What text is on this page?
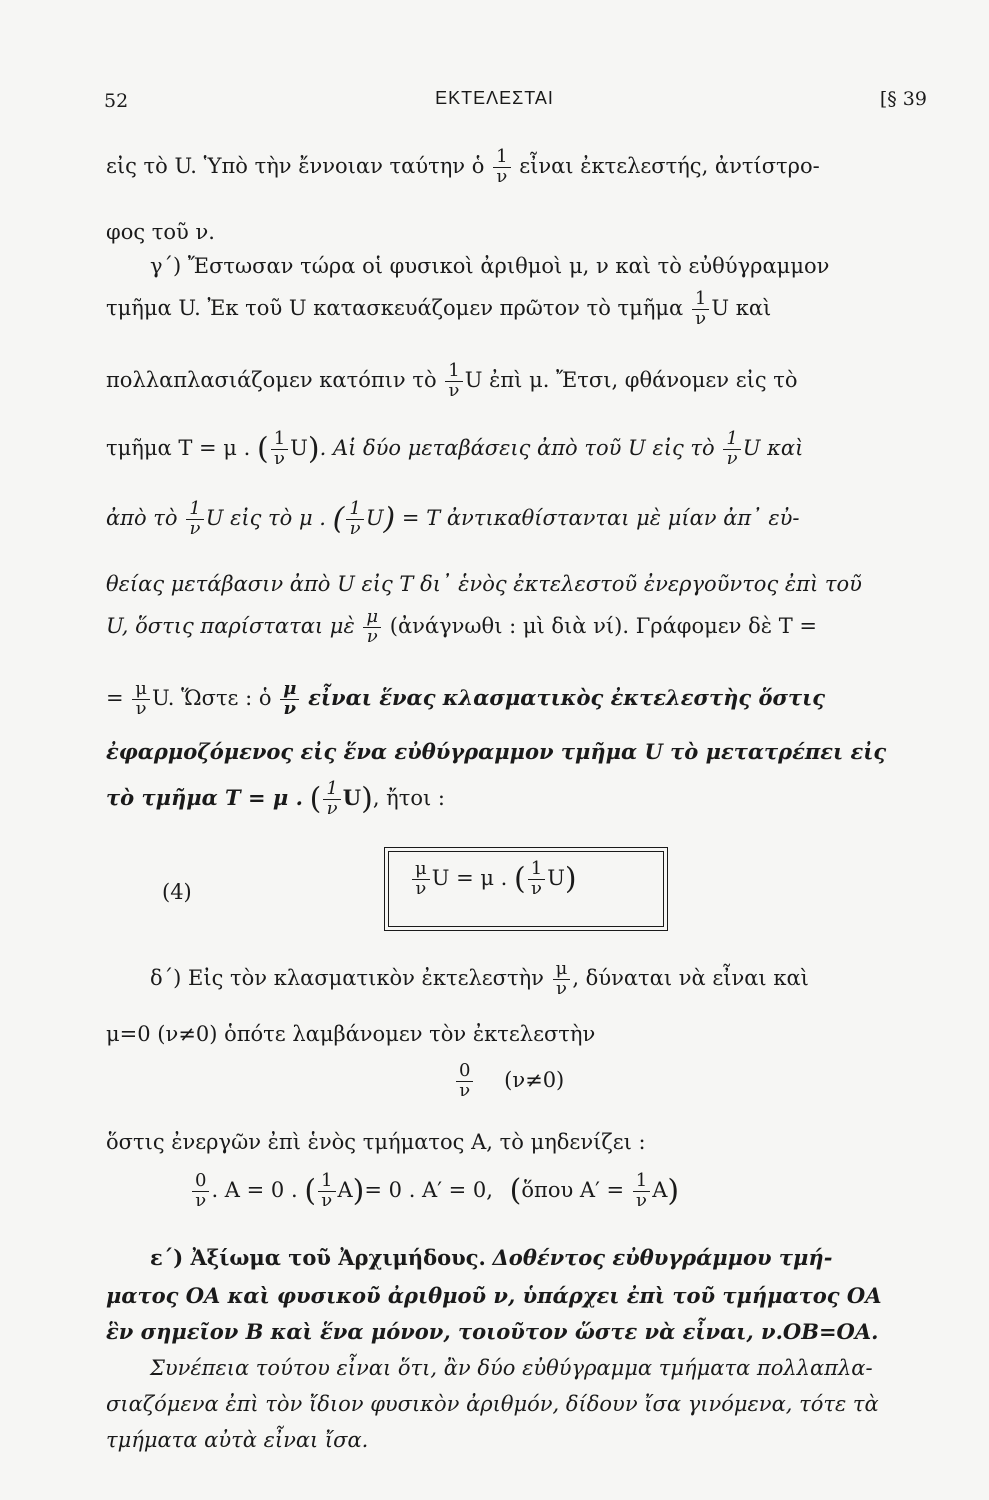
52	ΕΚΤΕΛΕΣΤΑΙ	[§ 39
εἰς τὸ U. Ὑπὸ τὴν ἔννοιαν ταύτην ὁ $\frac{1}{\nu}$ εἶναι ἐκτελεστής, ἀντίστρο-
φος τοῦ ν.
γ΄) Ἔστωσαν τώρα οἱ φυσικοὶ ἀριθμοὶ μ, ν καὶ τὸ εὐθύγραμμον
τμῆμα U. Ἐκ τοῦ U κατασκευάζομεν πρῶτον τὸ τμῆμα $\frac{1}{\nu}$ U καὶ
πολλαπλασιάζομεν κατόπιν τὸ $\frac{1}{\nu}$ U ἐπὶ μ. Ἔτσι, φθάνομεν εἰς τὸ
τμῆμα T = μ . ( $\frac{1}{\nu} U$). Αἱ δύο μεταβάσεις ἀπὸ τοῦ U εἰς τὸ $\frac{1}{\nu}$ U καὶ
ἀπὸ τὸ $\frac{1}{\nu}$ U εἰς τὸ μ . ( $\frac{1}{\nu} U) = T$ ἀντικαθίστανται μὲ μίαν ἀπ᾽ εὐ-
θείας μετάβασιν ἀπὸ U εἰς T δι᾽ ἑνὸς ἐκτελεστοῦ ἐνεργοῦντος ἐπὶ τοῦ
U, ὅστις παρίσταται μὲ $\frac{\mu}{\nu}$ (ἀνάγνωθι : μὶ διὰ νί). Γράφομεν δὲ T =
= $\frac{\mu}{\nu} U$. Ὥστε : ὁ $\frac{\mu}{\nu}$ εἶναι ἕνας κλασματικὸς ἐκτελεστὴς ὅστις
ἐφαρμοζόμενος εἰς ἕνα εὐθύγραμμον τμῆμα U τὸ μετατρέπει εἰς
τὸ τμῆμα T = μ . ( $\frac{1}{\nu} U$), ἤτοι :
(4)	$\frac{\mu}{\nu}$ U = μ . ( $\frac{1}{\nu} U$)
δ΄) Εἰς τὸν κλασματικὸν ἐκτελεστὴν $\frac{\mu}{\nu}$ , δύναται νὰ εἶναι καὶ
μ=0 (ν≠0) ὁπότε λαμβάνομεν τὸν ἐκτελεστὴν
$\frac{0}{\nu} (\nu\ne 0)$
ὅστις ἐνεργῶν ἐπὶ ἑνὸς τμήματος Α, τὸ μηδενίζει :
$\frac{0}{\nu}$ . A = 0 . ( $\frac{1}{\nu} A)= 0$ . A′ = 0, (ὅπου $A' = \frac{1}{\nu} A$)
ε΄) Ἀξίωμα τοῦ Ἀρχιμήδους. Δοθέντος εὐθυγράμμου τμή-
ματος ΟΑ καὶ φυσικοῦ ἀριθμοῦ ν, ὑπάρχει ἐπὶ τοῦ τμήματος ΟΑ
ἓν σημεῖον Β καὶ ἕνα μόνον, τοιοῦτον ὥστε νὰ εἶναι, ν.ΟΒ=ΟΑ.
Συνέπεια τούτου εἶναι ὅτι, ἂν δύο εὐθύγραμμα τμήματα πολλαπλα-
σιαζόμενα ἐπὶ τὸν ἴδιον φυσικὸν ἀριθμόν, δίδουν ἴσα γινόμενα, τότε τὰ
τμήματα αὐτὰ εἶναι ἴσα.
